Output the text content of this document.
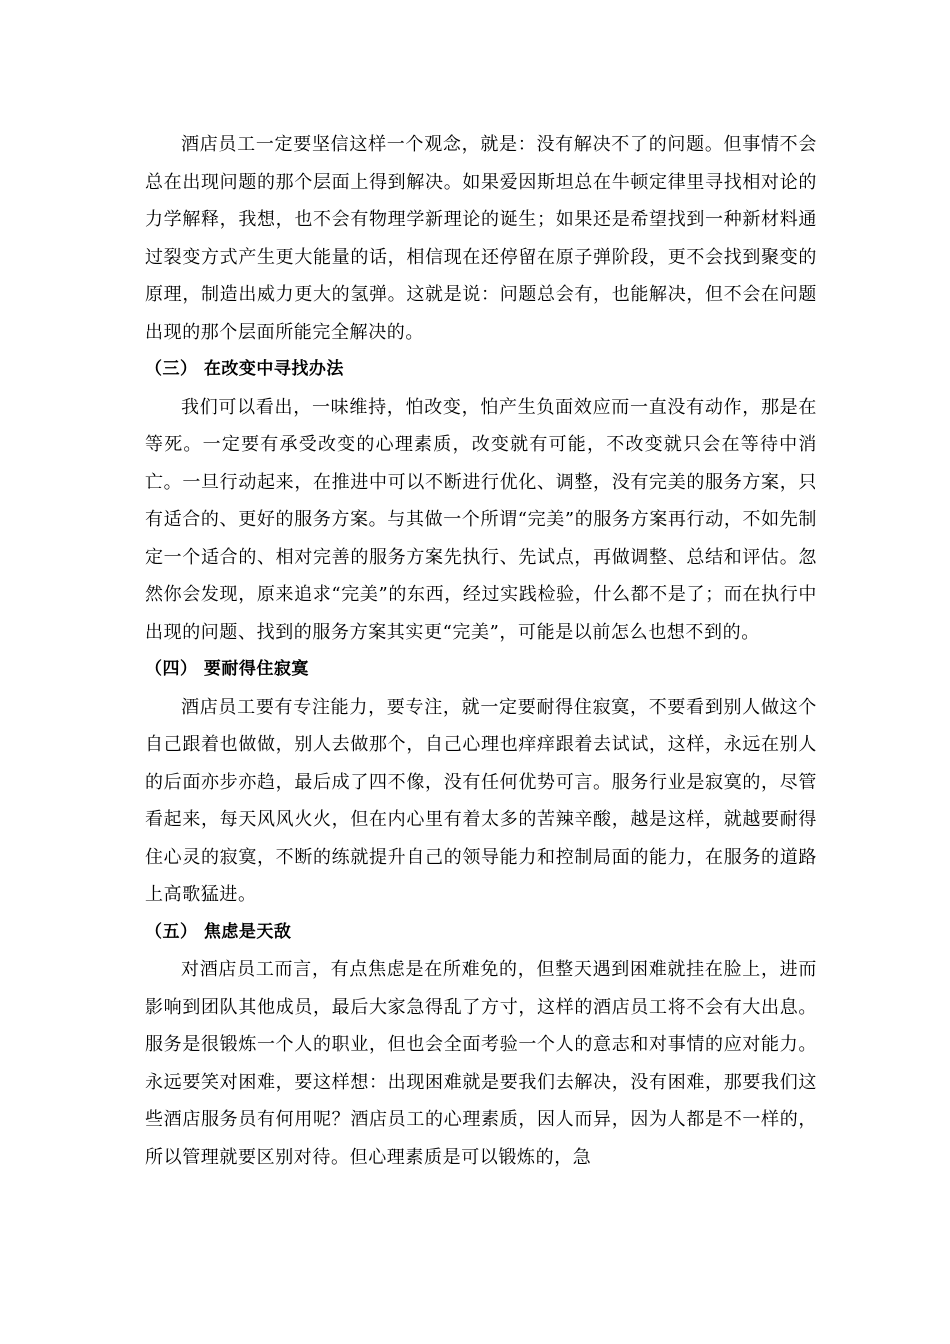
酒店员工一定要坚信这样一个观念，就是：没有解决不了的问题。但事情不会总在出现问题的那个层面上得到解决。如果爱因斯坦总在牛顿定律里寻找相对论的力学解释，我想，也不会有物理学新理论的诞生；如果还是希望找到一种新材料通过裂变方式产生更大能量的话，相信现在还停留在原子弹阶段，更不会找到聚变的原理，制造出威力更大的氢弹。这就是说：问题总会有，也能解决，但不会在问题出现的那个层面所能完全解决的。

（三） 在改变中寻找办法

我们可以看出，一味维持，怕改变，怕产生负面效应而一直没有动作，那是在等死。一定要有承受改变的心理素质，改变就有可能，不改变就只会在等待中消亡。一旦行动起来，在推进中可以不断进行优化、调整，没有完美的服务方案，只有适合的、更好的服务方案。与其做一个所谓“完美”的服务方案再行动，不如先制定一个适合的、相对完善的服务方案先执行、先试点，再做调整、总结和评估。忽然你会发现，原来追求“完美”的东西，经过实践检验，什么都不是了；而在执行中出现的问题、找到的服务方案其实更“完美”，可能是以前怎么也想不到的。

（四） 要耐得住寂寞

酒店员工要有专注能力，要专注，就一定要耐得住寂寞，不要看到别人做这个自己跟着也做做，别人去做那个，自己心理也痒痒跟着去试试，这样，永远在别人的后面亦步亦趋，最后成了四不像，没有任何优势可言。服务行业是寂寞的，尽管看起来，每天风风火火，但在内心里有着太多的苦辣辛酸，越是这样，就越要耐得住心灵的寂寞，不断的练就提升自己的领导能力和控制局面的能力，在服务的道路上高歌猛进。

（五） 焦虑是天敌

对酒店员工而言，有点焦虑是在所难免的，但整天遇到困难就挂在脸上，进而影响到团队其他成员，最后大家急得乱了方寸，这样的酒店员工将不会有大出息。服务是很锻炼一个人的职业，但也会全面考验一个人的意志和对事情的应对能力。永远要笑对困难，要这样想：出现困难就是要我们去解决，没有困难，那要我们这些酒店服务员有何用呢？酒店员工的心理素质，因人而异，因为人都是不一样的，所以管理就要区别对待。但心理素质是可以锻炼的，急
